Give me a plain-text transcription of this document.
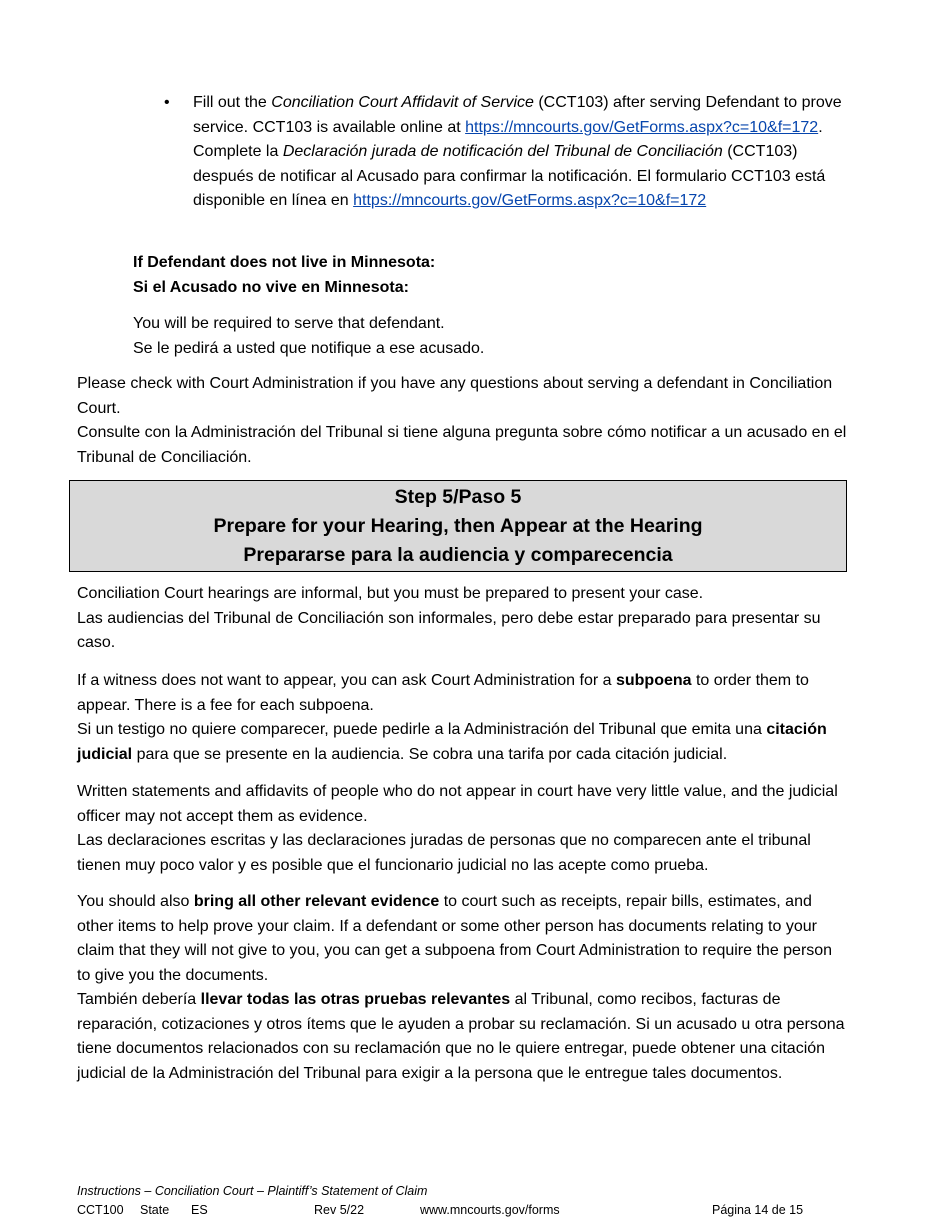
• Fill out the Conciliation Court Affidavit of Service (CCT103) after serving Defendant to prove service. CCT103 is available online at https://mncourts.gov/GetForms.aspx?c=10&f=172.

Complete la Declaración jurada de notificación del Tribunal de Conciliación (CCT103) después de notificar al Acusado para confirmar la notificación. El formulario CCT103 está disponible en línea en https://mncourts.gov/GetForms.aspx?c=10&f=172

If Defendant does not live in Minnesota:

Si el Acusado no vive en Minnesota:

You will be required to serve that defendant.

Se le pedirá a usted que notifique a ese acusado.

Please check with Court Administration if you have any questions about serving a defendant in Conciliation Court.

Consulte con la Administración del Tribunal si tiene alguna pregunta sobre cómo notificar a un acusado en el Tribunal de Conciliación.

Step 5/Paso 5
Prepare for your Hearing, then Appear at the Hearing
Prepararse para la audiencia y comparecencia

Conciliation Court hearings are informal, but you must be prepared to present your case.

Las audiencias del Tribunal de Conciliación son informales, pero debe estar preparado para presentar su caso.

If a witness does not want to appear, you can ask Court Administration for a subpoena to order them to appear. There is a fee for each subpoena.

Si un testigo no quiere comparecer, puede pedirle a la Administración del Tribunal que emita una citación judicial para que se presente en la audiencia. Se cobra una tarifa por cada citación judicial.

Written statements and affidavits of people who do not appear in court have very little value, and the judicial officer may not accept them as evidence.

Las declaraciones escritas y las declaraciones juradas de personas que no comparecen ante el tribunal tienen muy poco valor y es posible que el funcionario judicial no las acepte como prueba.

You should also bring all other relevant evidence to court such as receipts, repair bills, estimates, and other items to help prove your claim. If a defendant or some other person has documents relating to your claim that they will not give to you, you can get a subpoena from Court Administration to require the person to give you the documents.

También debería llevar todas las otras pruebas relevantes al Tribunal, como recibos, facturas de reparación, cotizaciones y otros ítems que le ayuden a probar su reclamación. Si un acusado u otra persona tiene documentos relacionados con su reclamación que no le quiere entregar, puede obtener una citación judicial de la Administración del Tribunal para exigir a la persona que le entregue tales documentos.

Instructions – Conciliation Court – Plaintiff’s Statement of Claim
CCT100 State ES	Rev 5/22	www.mncourts.gov/forms	Página 14 de 15
